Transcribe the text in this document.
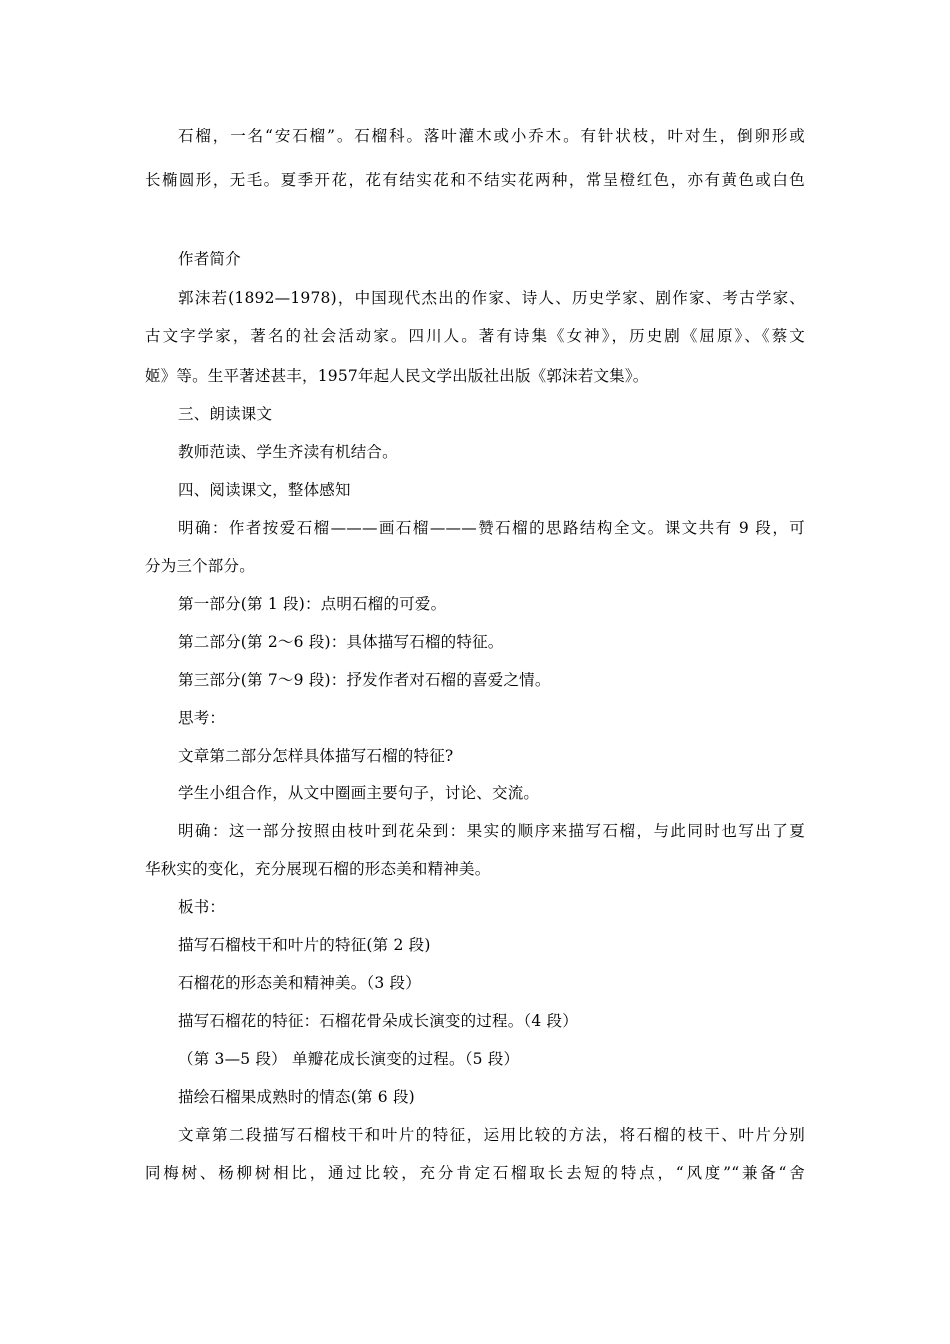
石榴，一名“安石榴”。石榴科。落叶灌木或小乔木。有针状枝，叶对生，倒卵形或
长椭圆形，无毛。夏季开花，花有结实花和不结实花两种，常呈橙红色，亦有黄色或白色
作者简介
郭沫若(1892—1978)，中国现代杰出的作家、诗人、历史学家、剧作家、考古学家、
古文字学家，著名的社会活动家。四川人。著有诗集《女神》，历史剧《屈原》、《蔡文
姬》等。生平著述甚丰，1957年起人民文学出版社出版《郭沫若文集》。
三、朗读课文
教师范读、学生齐渎有机结合。
四、阅读课文，整体感知
明确：作者按爱石榴———画石榴———赞石榴的思路结构全文。课文共有 9 段，可
分为三个部分。
第一部分(第 1 段)：点明石榴的可爱。
第二部分(第 2～6 段)：具体描写石榴的特征。
第三部分(第 7～9 段)：抒发作者对石榴的喜爱之情。
思考：
文章第二部分怎样具体描写石榴的特征?
学生小组合作，从文中圈画主要句子，讨论、交流。
明确：这一部分按照由枝叶到花朵到：果实的顺序来描写石榴，与此同时也写出了夏
华秋实的变化，充分展现石榴的形态美和精神美。
板书：
描写石榴枝干和叶片的特征(第 2 段)
石榴花的形态美和精神美。（3 段）
描写石榴花的特征：石榴花骨朵成长演变的过程。（4 段）
（第 3—5 段） 单瓣花成长演变的过程。（5 段）
描绘石榴果成熟时的情态(第 6 段)
文章第二段描写石榴枝干和叶片的特征，运用比较的方法，将石榴的枝干、叶片分别
同梅树、杨柳树相比，通过比较，充分肯定石榴取长去短的特点，“风度”“兼备“舍
